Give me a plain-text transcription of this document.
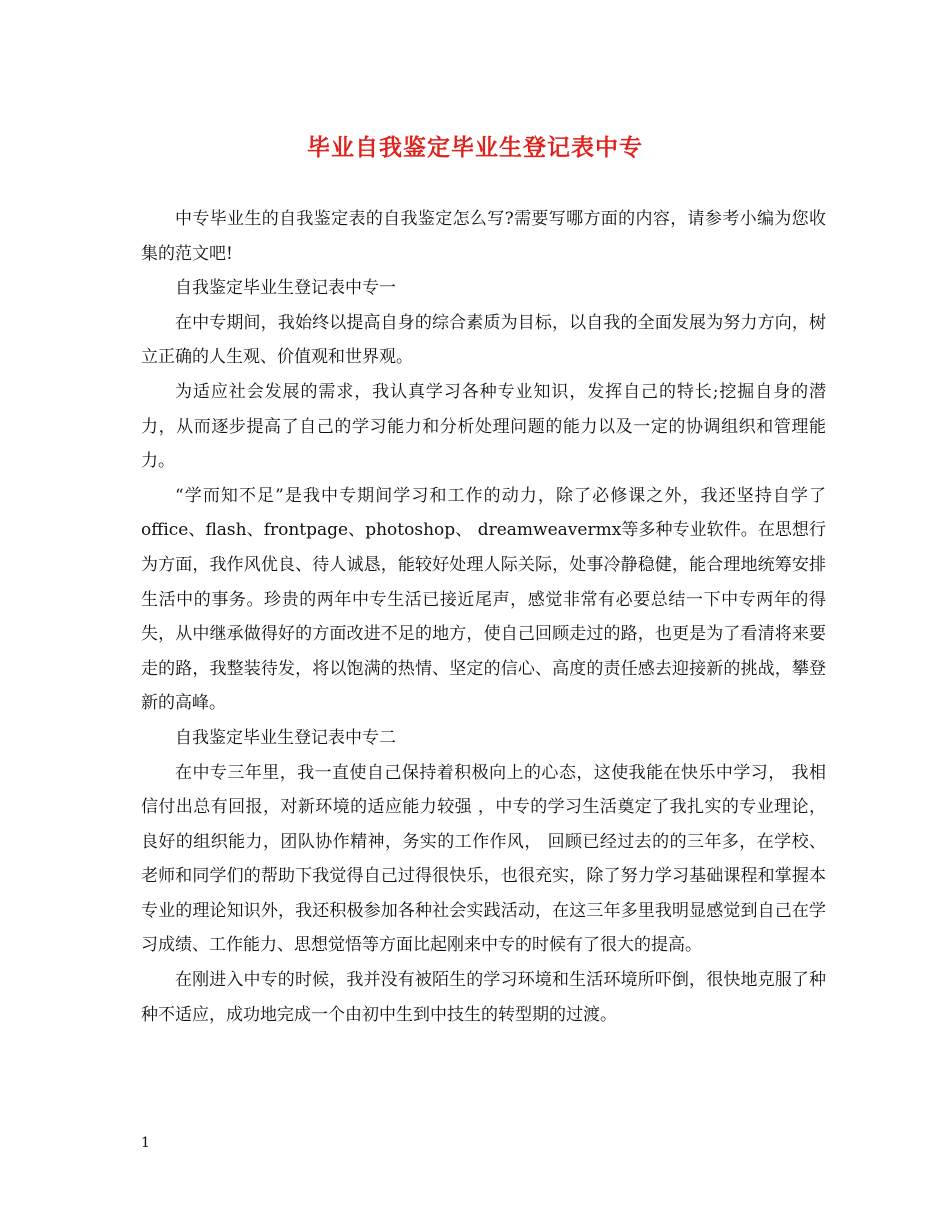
毕业自我鉴定毕业生登记表中专

中专毕业生的自我鉴定表的自我鉴定怎么写?需要写哪方面的内容，请参考小编为您收集的范文吧!

自我鉴定毕业生登记表中专一

在中专期间，我始终以提高自身的综合素质为目标，以自我的全面发展为努力方向，树立正确的人生观、价值观和世界观。

为适应社会发展的需求，我认真学习各种专业知识，发挥自己的特长;挖掘自身的潜力，从而逐步提高了自己的学习能力和分析处理问题的能力以及一定的协调组织和管理能力。

“学而知不足”是我中专期间学习和工作的动力，除了必修课之外，我还坚持自学了office、flash、frontpage、photoshop、 dreamweavermx等多种专业软件。在思想行为方面，我作风优良、待人诚恳，能较好处理人际关际，处事冷静稳健，能合理地统筹安排生活中的事务。珍贵的两年中专生活已接近尾声，感觉非常有必要总结一下中专两年的得失，从中继承做得好的方面改进不足的地方，使自己回顾走过的路，也更是为了看清将来要走的路，我整装待发，将以饱满的热情、坚定的信心、高度的责任感去迎接新的挑战，攀登新的高峰。

自我鉴定毕业生登记表中专二

在中专三年里，我一直使自己保持着积极向上的心态，这使我能在快乐中学习， 我相信付出总有回报，对新环境的适应能力较强 ，中专的学习生活奠定了我扎实的专业理论，良好的组织能力，团队协作精神，务实的工作作风， 回顾已经过去的的三年多，在学校、老师和同学们的帮助下我觉得自己过得很快乐，也很充实，除了努力学习基础课程和掌握本专业的理论知识外，我还积极参加各种社会实践活动，在这三年多里我明显感觉到自己在学习成绩、工作能力、思想觉悟等方面比起刚来中专的时候有了很大的提高。

在刚进入中专的时候，我并没有被陌生的学习环境和生活环境所吓倒，很快地克服了种种不适应，成功地完成一个由初中生到中技生的转型期的过渡。

1
